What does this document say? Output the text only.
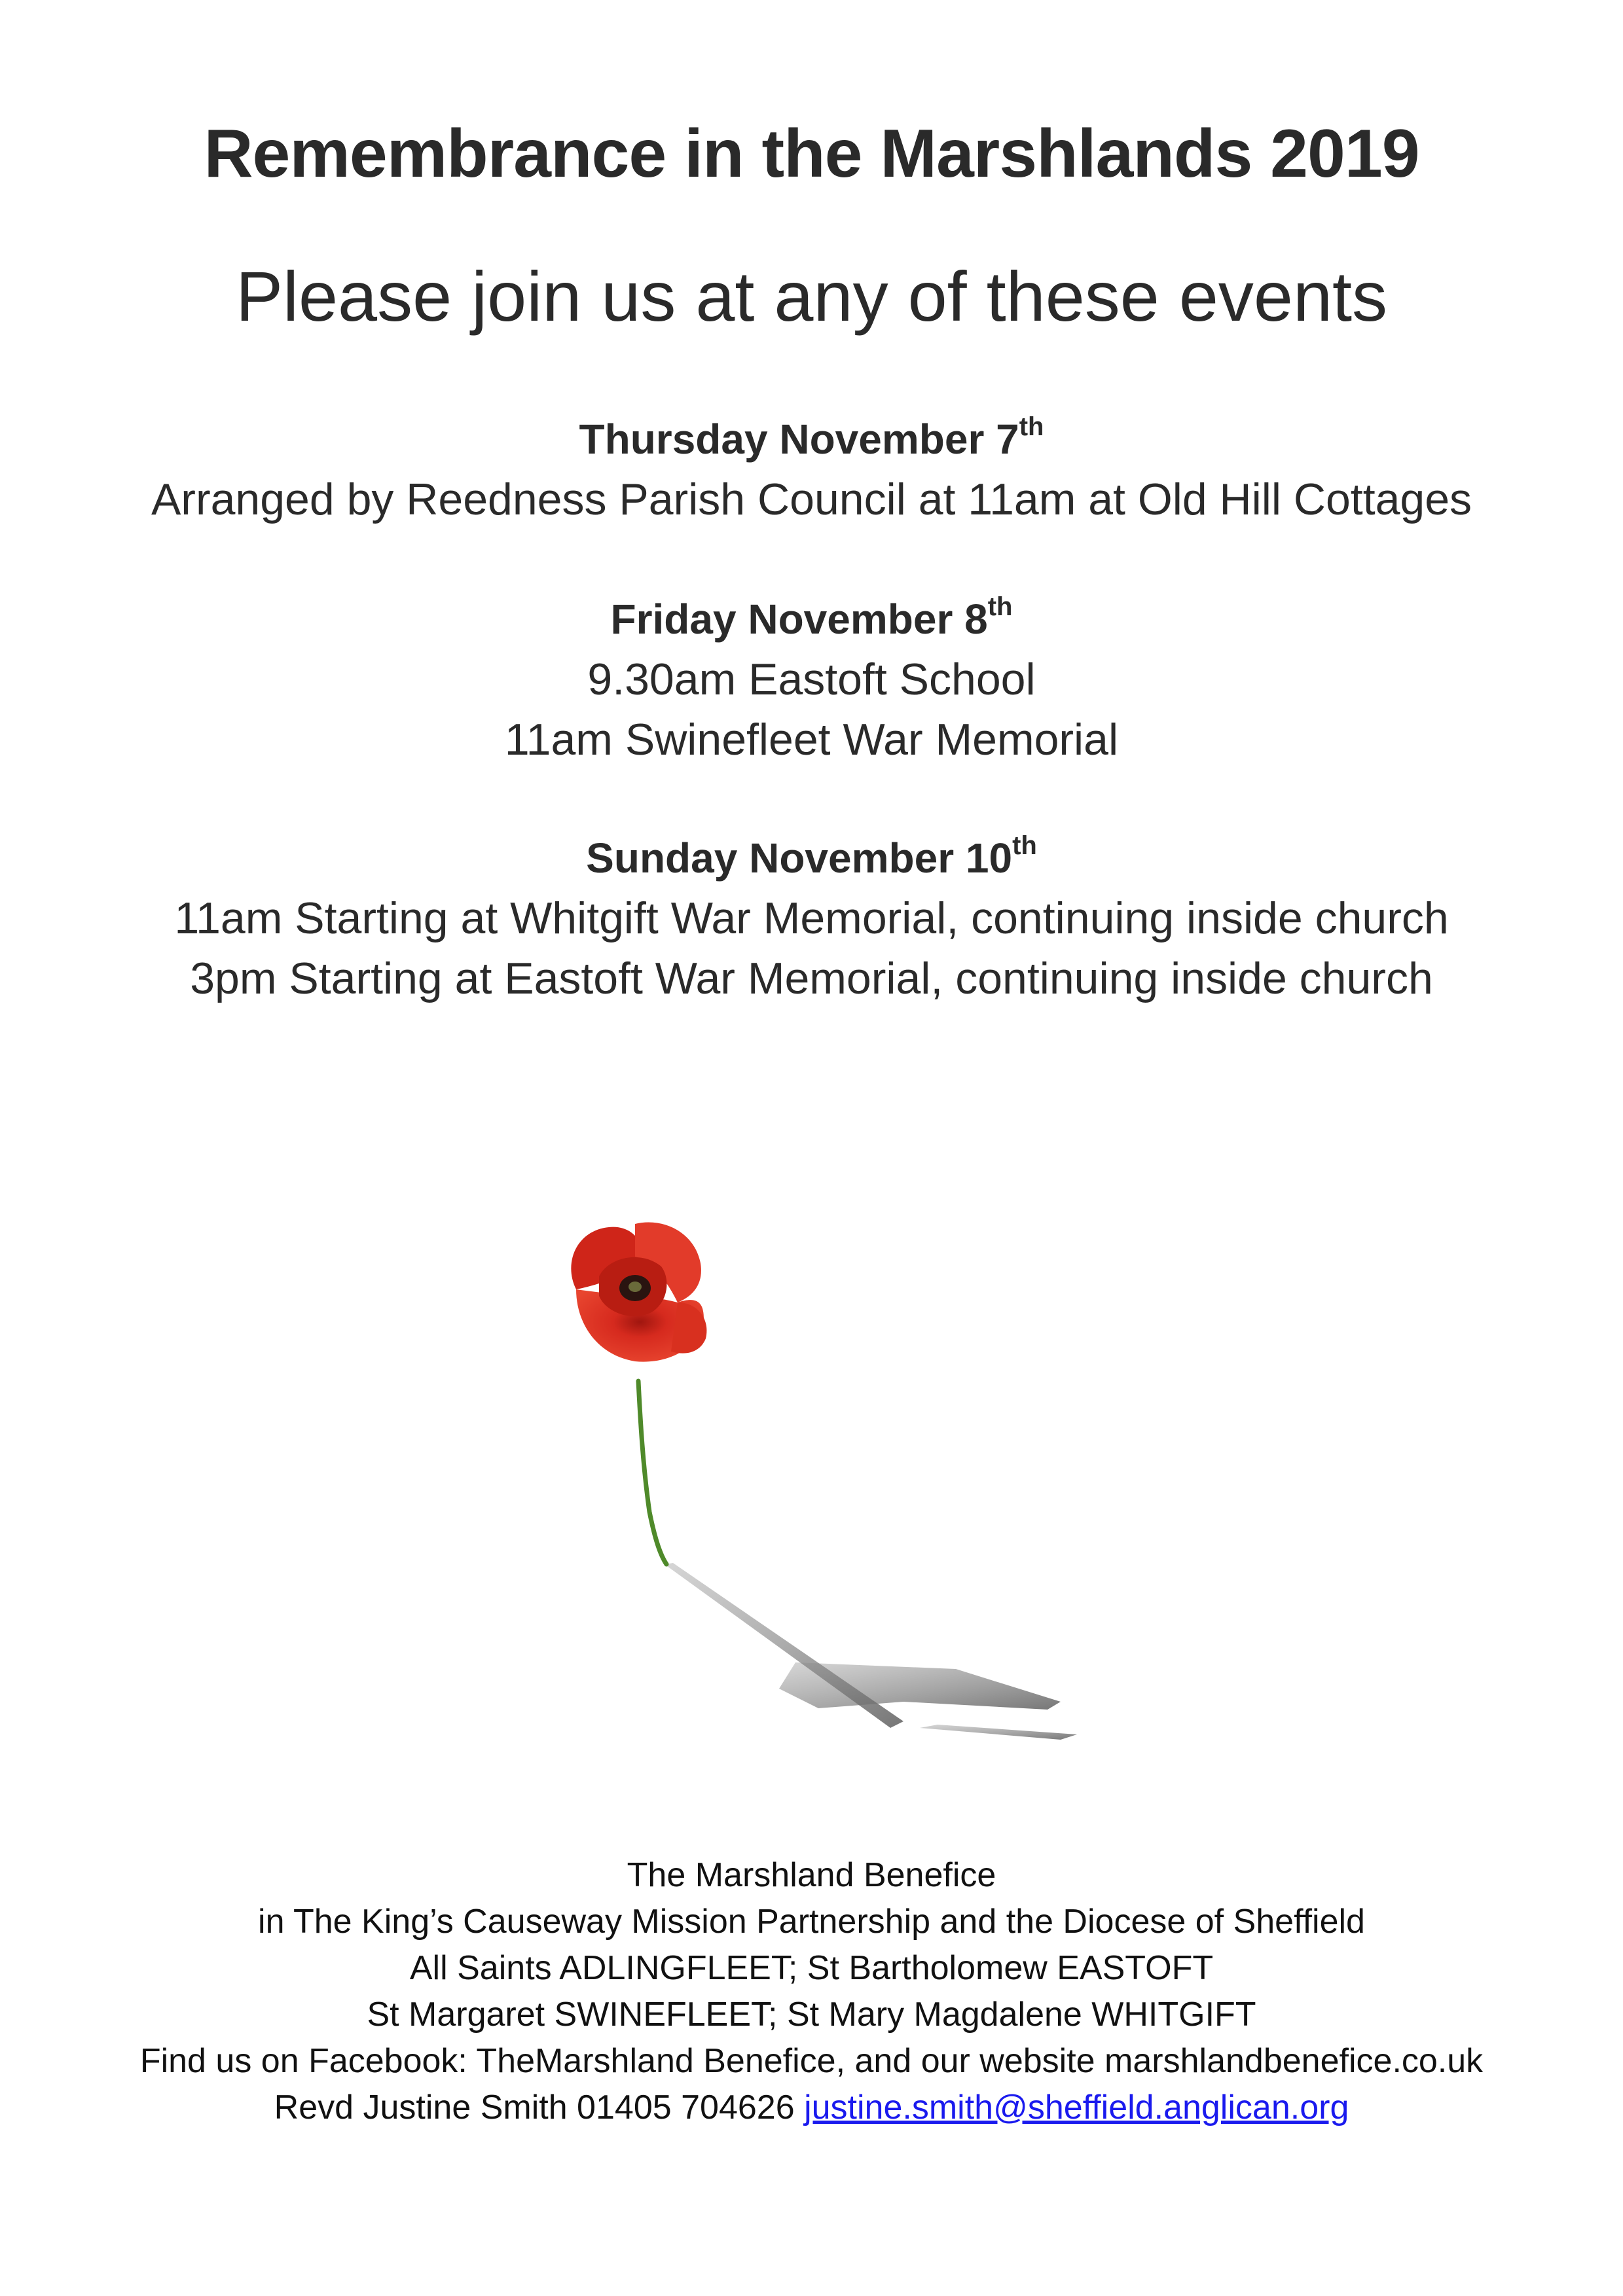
Remembrance in the Marshlands 2019
Please join us at any of these events
Thursday November 7th
Arranged by Reedness Parish Council at 11am at Old Hill Cottages
Friday November 8th
9.30am Eastoft School
11am Swinefleet War Memorial
Sunday November 10th
11am Starting at Whitgift War Memorial, continuing inside church
3pm Starting at Eastoft War Memorial, continuing inside church
The Marshland Benefice
in The King’s Causeway Mission Partnership and the Diocese of Sheffield
All Saints ADLINGFLEET; St Bartholomew EASTOFT
St Margaret SWINEFLEET; St Mary Magdalene WHITGIFT
Find us on Facebook: TheMarshland Benefice, and our website marshlandbenefice.co.uk
Revd Justine Smith 01405 704626 justine.smith@sheffield.anglican.org
